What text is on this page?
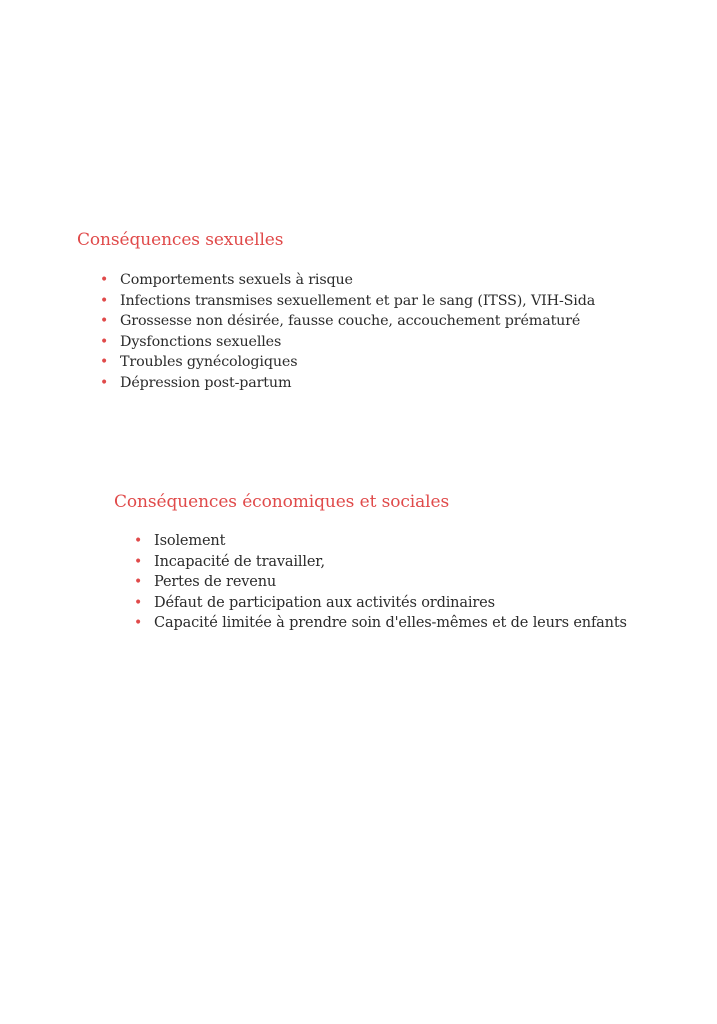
Conséquences sexuelles
• Comportements sexuels à risque
• Infections transmises sexuellement et par le sang (ITSS), VIH-Sida
• Grossesse non désirée, fausse couche, accouchement prématuré
• Dysfonctions sexuelles
• Troubles gynécologiques
• Dépression post-partum
Conséquences économiques et sociales
• Isolement
• Incapacité de travailler,
• Pertes de revenu
• Défaut de participation aux activités ordinaires
• Capacité limitée à prendre soin d'elles-mêmes et de leurs enfants
